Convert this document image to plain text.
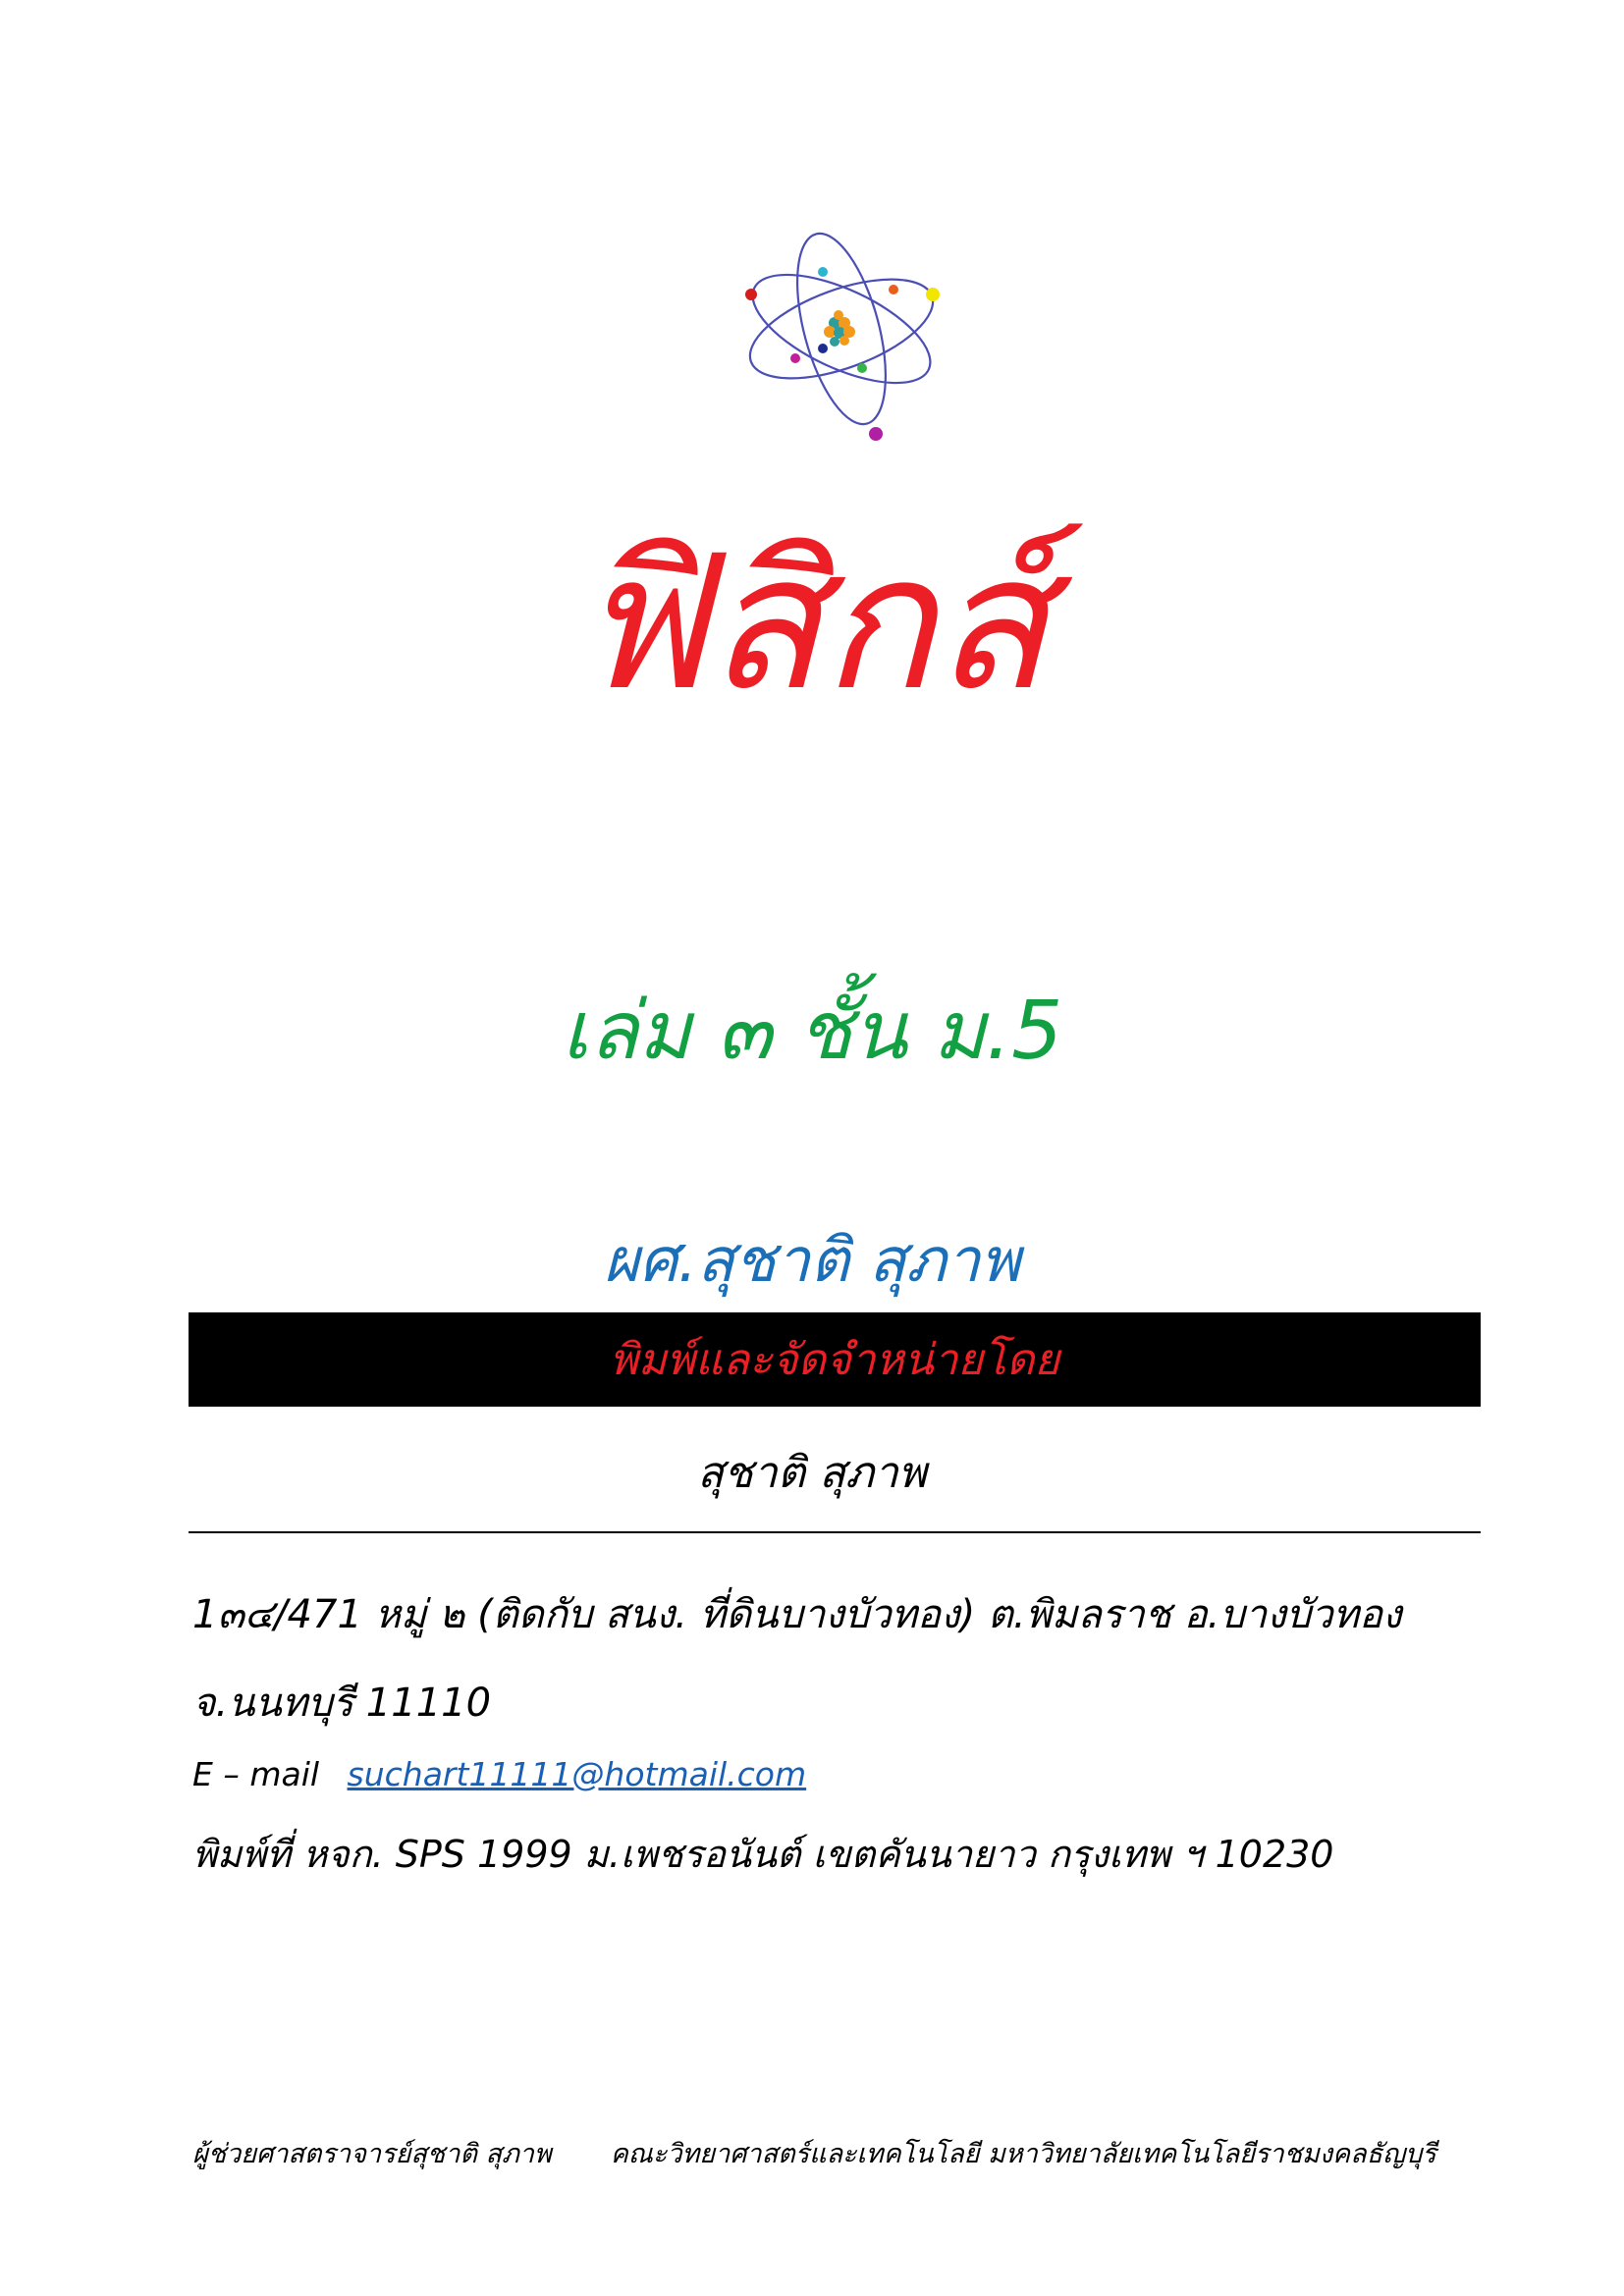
ฟิสิกส์
เล่ม ๓ ชั้น ม.5
ผศ.สุชาติ สุภาพ
พิมพ์และจัดจำหน่ายโดย
สุชาติ สุภาพ
1๓๔/471 หมู่ ๒ (ติดกับ สนง. ที่ดินบางบัวทอง) ต.พิมลราช อ.บางบัวทอง
จ.นนทบุรี 11110
E – mail suchart11111@hotmail.com
พิมพ์ที่ หจก. SPS 1999 ม.เพชรอนันต์ เขตคันนายาว กรุงเทพ ฯ 10230
ผู้ช่วยศาสตราจารย์สุชาติ สุภาพ คณะวิทยาศาสตร์และเทคโนโลยี มหาวิทยาลัยเทคโนโลยีราชมงคลธัญบุรี
